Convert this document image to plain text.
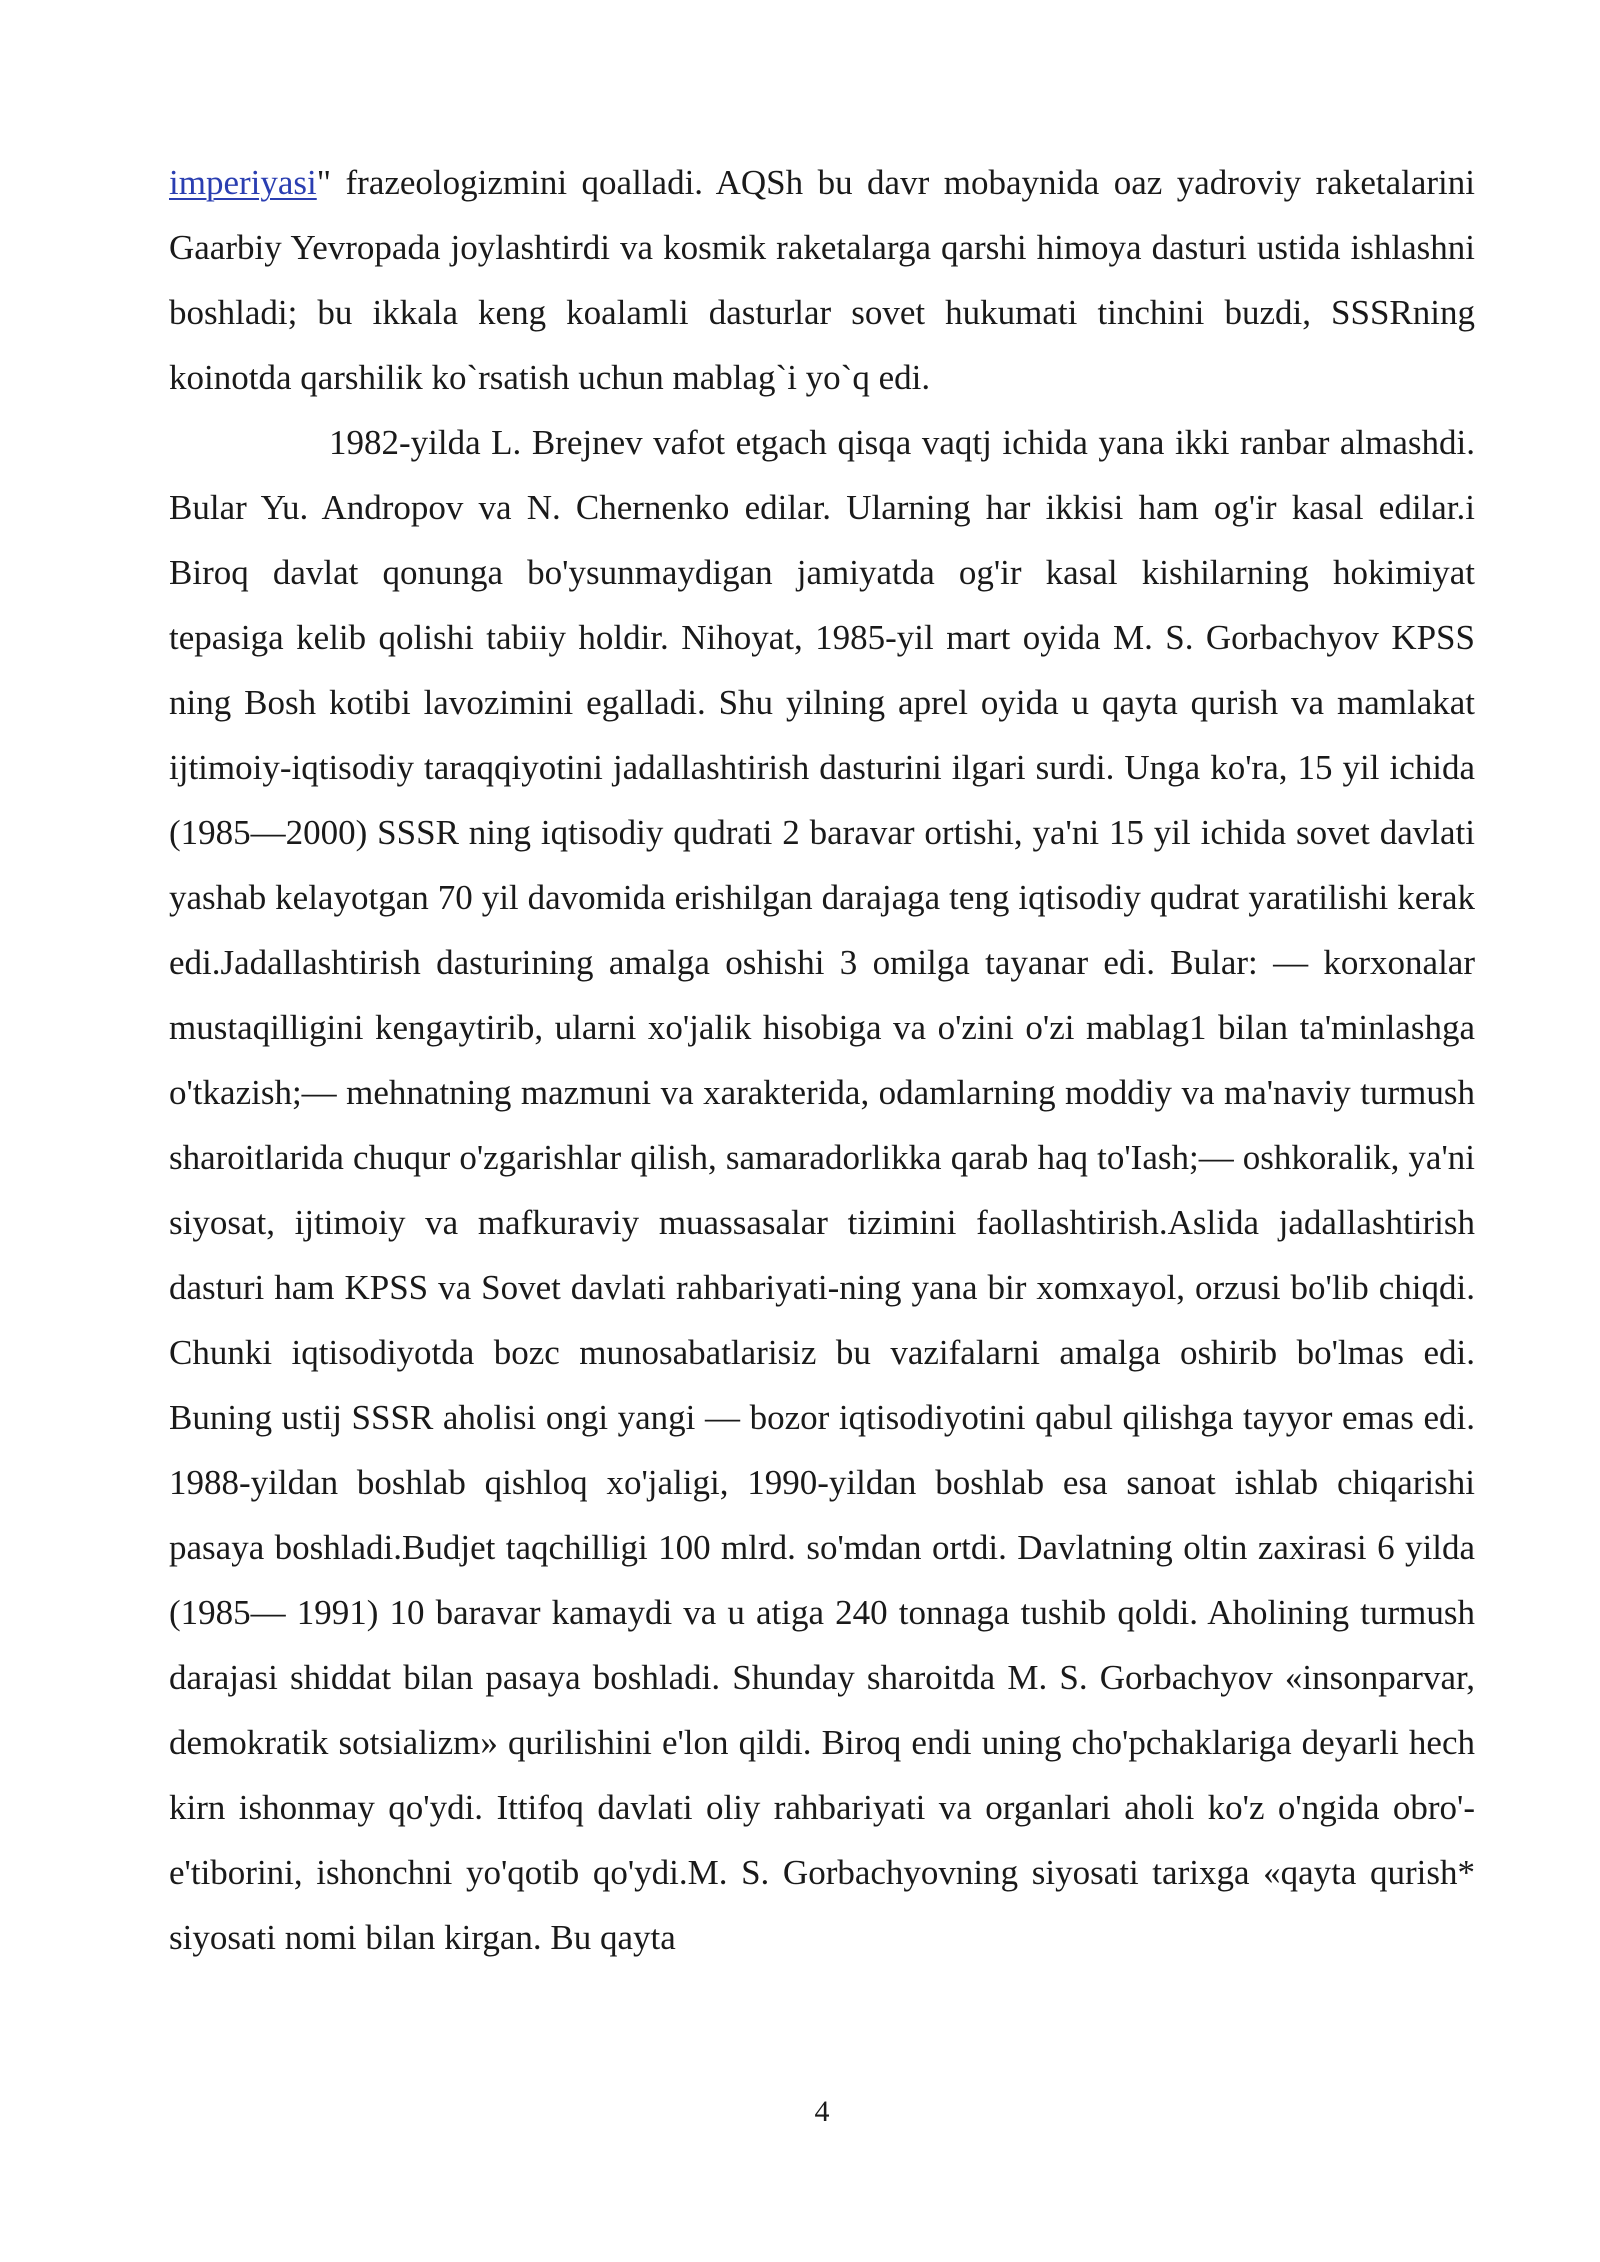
imperiyasi" frazeologizmini qoalladi. AQSh bu davr mobaynida oaz yadroviy raketalarini Gaarbiy Yevropada joylashtirdi va kosmik raketalarga qarshi himoya dasturi ustida ishlashni boshladi; bu ikkala keng koalamli dasturlar sovet hukumati tinchini buzdi, SSSRning koinotda qarshilik ko`rsatish uchun mablag`i yo`q edi.

1982-yilda L. Brejnev vafot etgach qisqa vaqtj ichida yana ikki ranbar almashdi. Bular Yu. Andropov va N. Chernenko edilar. Ularning har ikkisi ham og'ir kasal edilar.i Biroq davlat qonunga bo'ysunmaydigan jamiyatda og'ir kasal kishilarning hokimiyat tepasiga kelib qolishi tabiiy holdir. Nihoyat, 1985-yil mart oyida M. S. Gorbachyov KPSS ning Bosh kotibi lavozimini egalladi. Shu yilning aprel oyida u qayta qurish va mamlakat ijtimoiy-iqtisodiy taraqqiyotini jadallashtirish dasturini ilgari surdi. Unga ko'ra, 15 yil ichida (1985—2000) SSSR ning iqtisodiy qudrati 2 baravar ortishi, ya'ni 15 yil ichida sovet davlati yashab kelayotgan 70 yil davomida erishilgan darajaga teng iqtisodiy qudrat yaratilishi kerak edi.Jadallashtirish dasturining amalga oshishi 3 omilga tayanar edi. Bular: — korxonalar mustaqilligini kengaytirib, ularni xo'jalik hisobiga va o'zini o'zi mablag1 bilan ta'minlashga o'tkazish;— mehnatning mazmuni va xarakterida, odamlarning moddiy va ma'naviy turmush sharoitlarida chuqur o'zgarishlar qilish, samaradorlikka qarab haq to'Iash;— oshkoralik, ya'ni siyosat, ijtimoiy va mafkuraviy muassasalar tizimini faollashtirish.Aslida jadallashtirish dasturi ham KPSS va Sovet davlati rahbariyati-ning yana bir xomxayol, orzusi bo'lib chiqdi. Chunki iqtisodiyotda bozc munosabatlarisiz bu vazifalarni amalga oshirib bo'lmas edi. Buning ustij SSSR aholisi ongi yangi — bozor iqtisodiyotini qabul qilishga tayyor emas edi. 1988-yildan boshlab qishloq xo'jaligi, 1990-yildan boshlab esa sanoat ishlab chiqarishi pasaya boshladi.Budjet taqchilligi 100 mlrd. so'mdan ortdi. Davlatning oltin zaxirasi 6 yilda (1985— 1991) 10 baravar kamaydi va u atiga 240 tonnaga tushib qoldi. Aholining turmush darajasi shiddat bilan pasaya boshladi. Shunday sharoitda M. S. Gorbachyov «insonparvar, demokratik sotsializm» qurilishini e'lon qildi. Biroq endi uning cho'pchaklariga deyarli hech kirn ishonmay qo'ydi. Ittifoq davlati oliy rahbariyati va organlari aholi ko'z o'ngida obro'-e'tiborini, ishonchni yo'qotib qo'ydi.M. S. Gorbachyovning siyosati tarixga «qayta qurish* siyosati nomi bilan kirgan. Bu qayta

4
